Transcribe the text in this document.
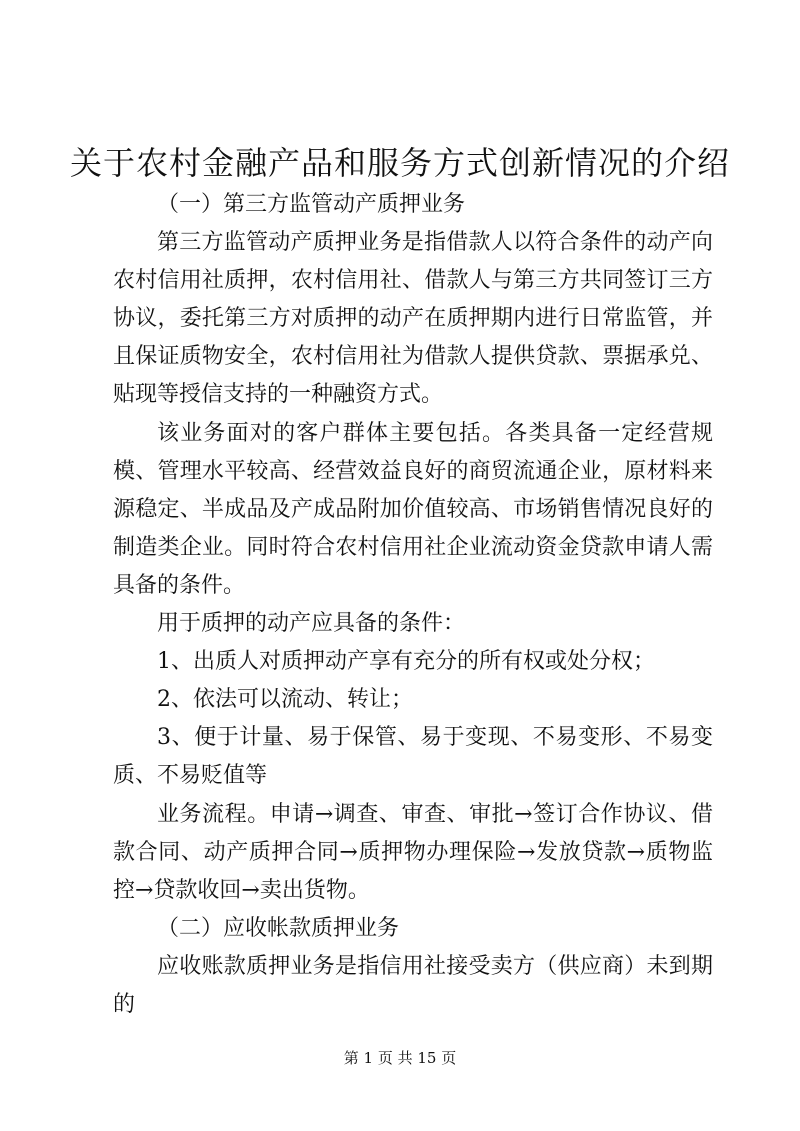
关于农村金融产品和服务方式创新情况的介绍

（一）第三方监管动产质押业务

第三方监管动产质押业务是指借款人以符合条件的动产向农村信用社质押，农村信用社、借款人与第三方共同签订三方协议，委托第三方对质押的动产在质押期内进行日常监管，并且保证质物安全，农村信用社为借款人提供贷款、票据承兑、贴现等授信支持的一种融资方式。

该业务面对的客户群体主要包括。各类具备一定经营规模、管理水平较高、经营效益良好的商贸流通企业，原材料来源稳定、半成品及产成品附加价值较高、市场销售情况良好的制造类企业。同时符合农村信用社企业流动资金贷款申请人需具备的条件。

用于质押的动产应具备的条件：

1、出质人对质押动产享有充分的所有权或处分权；

2、依法可以流动、转让；

3、便于计量、易于保管、易于变现、不易变形、不易变质、不易贬值等

业务流程。申请→调查、审查、审批→签订合作协议、借款合同、动产质押合同→质押物办理保险→发放贷款→质物监控→贷款收回→卖出货物。

（二）应收帐款质押业务

应收账款质押业务是指信用社接受卖方（供应商）未到期的

第 1 页 共 15 页
